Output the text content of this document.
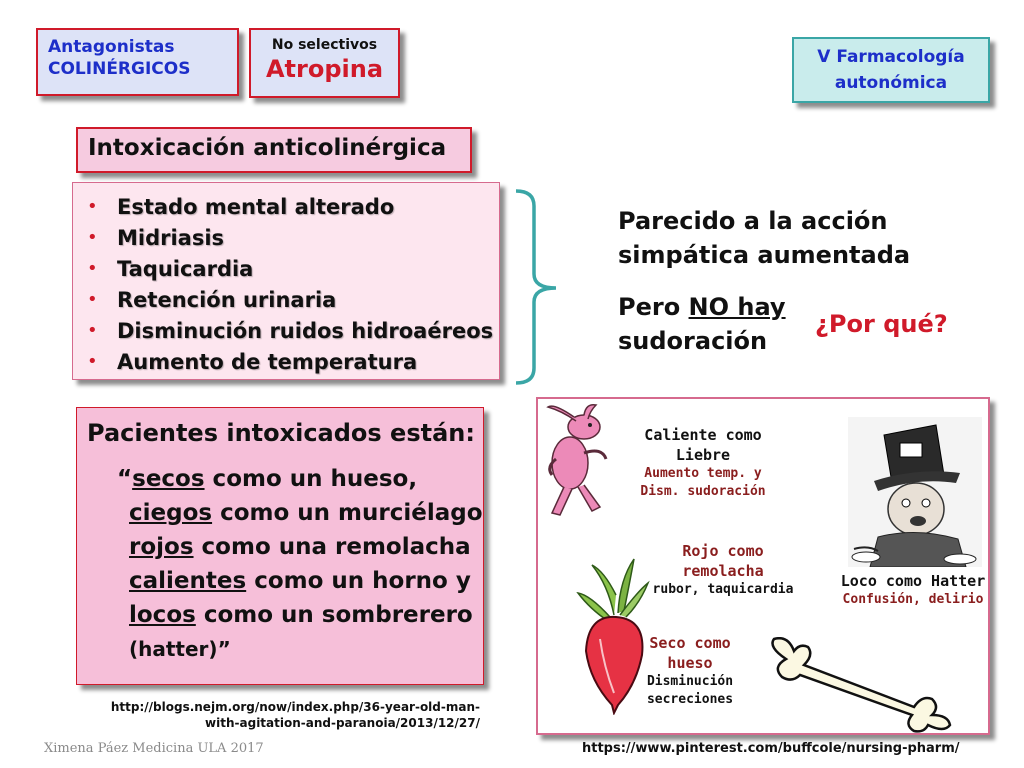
Antagonistas
COLINÉRGICOS
No selectivos
Atropina	V Farmacología
autonómica
Intoxicación anticolinérgica
• Estado mental alterado
• Midriasis
• Taquicardia
• Retención urinaria
• Disminución ruidos hidroaéreos
• Aumento de temperatura
Parecido a la acción
simpática aumentada
Pero NO hay
sudoración
¿Por qué?
Pacientes intoxicados están:
“secos como un hueso,
ciegos como un murciélago
rojos como una remolacha
calientes como un horno y
locos como un sombrerero
(hatter)”
http://blogs.nejm.org/now/index.php/36-year-old-man-
with-agitation-and-paranoia/2013/12/27/
Caliente como Liebre
Aumento temp. y Dism. sudoración
Loco como Hatter
Confusión, delirio
Rojo como remolacha
rubor, taquicardia
Seco como hueso
Disminución secreciones
https://www.pinterest.com/buffcole/nursing-pharm/
Ximena Páez Medicina ULA 2017
